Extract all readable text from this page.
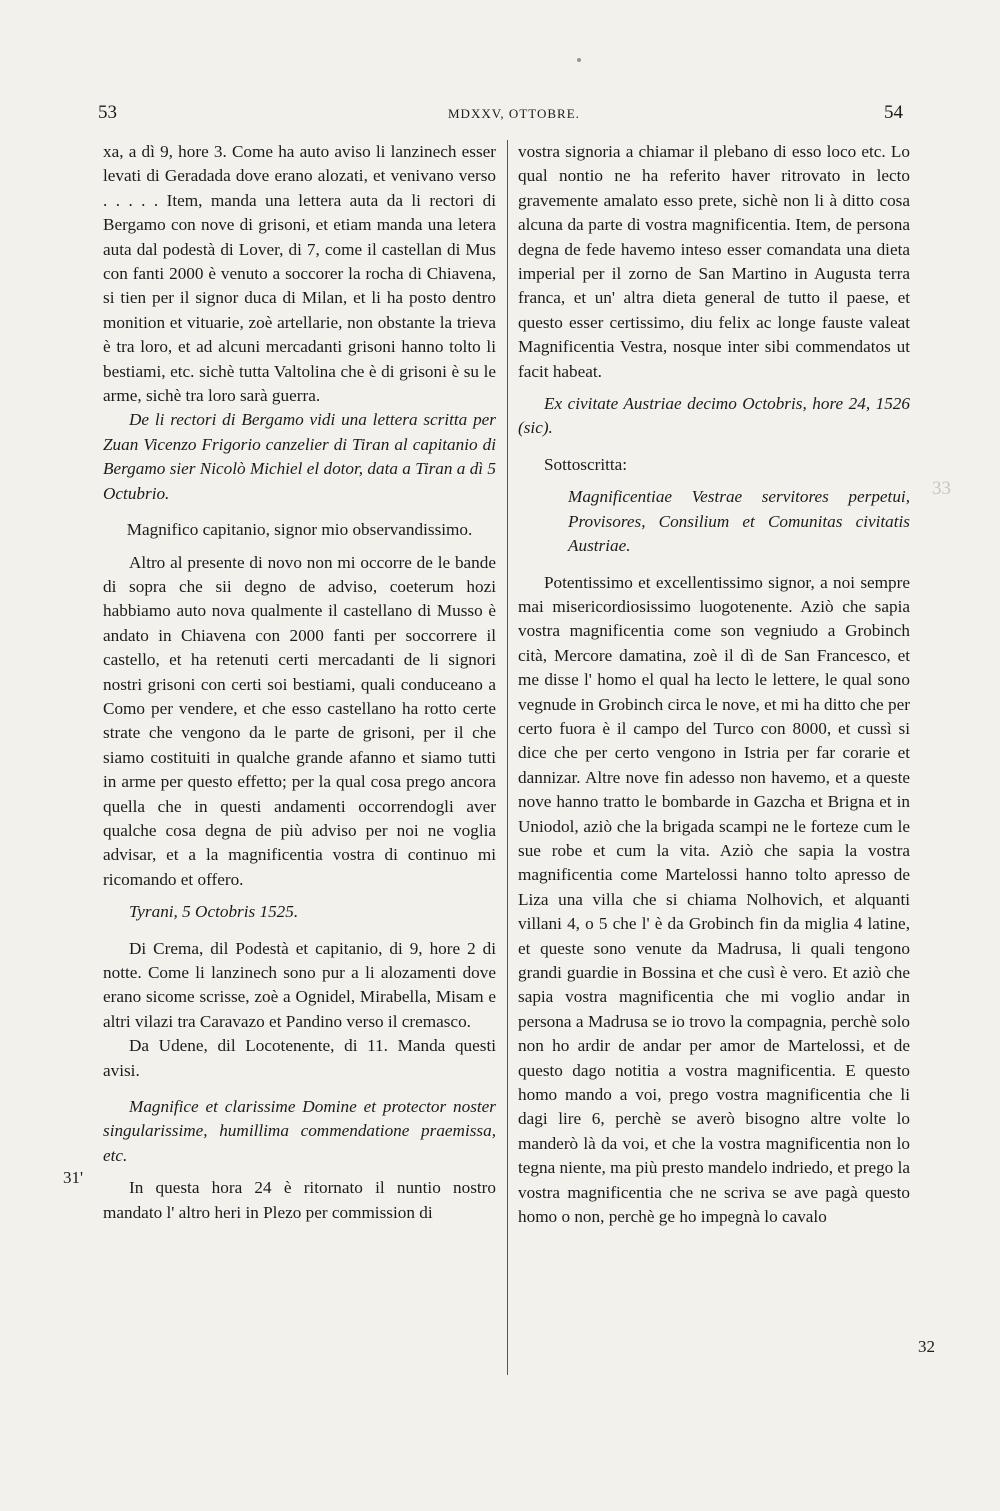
53	MDXXV, OTTOBRE.	54

xa, a dì 9, hore 3. Come ha auto aviso li lanzinech esser levati di Geradada dove erano alozati, et venivano verso . . . . . Item, manda una lettera auta da li rectori di Bergamo con nove di grisoni, et etiam manda una letera auta dal podestà di Lover, di 7, come il castellan di Mus con fanti 2000 è venuto a soccorer la rocha di Chiavena, si tien per il signor duca di Milan, et li ha posto dentro monition et vituarie, zoè artellarie, non obstante la trieva è tra loro, et ad alcuni mercadanti grisoni hanno tolto li bestiami, etc. sichè tutta Valtolina che è di grisoni è su le arme, sichè tra loro sarà guerra.

De li rectori di Bergamo vidi una lettera scritta per Zuan Vicenzo Frigorio canzelier di Tiran al capitanio di Bergamo sier Nicolò Michiel el dotor, data a Tiran a dì 5 Octubrio.

Magnifico capitanio, signor mio observandissimo.

Altro al presente di novo non mi occorre de le bande di sopra che sii degno de adviso, coeterum hozi habbiamo auto nova qualmente il castellano di Musso è andato in Chiavena con 2000 fanti per soccorrere il castello, et ha retenuti certi mercadanti de li signori nostri grisoni con certi soi bestiami, quali conduceano a Como per vendere, et che esso castellano ha rotto certe strate che vengono da le parte de grisoni, per il che siamo costituiti in qualche grande afanno et siamo tutti in arme per questo effetto; per la qual cosa prego ancora quella che in questi andamenti occorrendogli aver qualche cosa degna de più adviso per noi ne voglia advisar, et a la magnificentia vostra di continuo mi ricomando et offero.

Tyrani, 5 Octobris 1525.

Di Crema, dil Podestà et capitanio, di 9, hore 2 di notte. Come li lanzinech sono pur a li alozamenti dove erano sicome scrisse, zoè a Ognidel, Mirabella, Misam e altri vilazi tra Caravazo et Pandino verso il cremasco.

Da Udene, dil Locotenente, di 11. Manda questi avisi.

Magnifice et clarissime Domine et protector noster singularissime, humillima commendatione praemissa, etc.

In questa hora 24 è ritornato il nuntio nostro mandato l' altro heri in Plezo per commission di

vostra signoria a chiamar il plebano di esso loco etc. Lo qual nontio ne ha referito haver ritrovato in lecto gravemente amalato esso prete, sichè non li à ditto cosa alcuna da parte di vostra magnificentia. Item, de persona degna de fede havemo inteso esser comandata una dieta imperial per il zorno de San Martino in Augusta terra franca, et un' altra dieta general de tutto il paese, et questo esser certissimo, diu felix ac longe fauste valeat Magnificentia Vestra, nosque inter sibi commendatos ut facit habeat.

Ex civitate Austriae decimo Octobris, hore 24, 1526 (sic).

Sottoscritta:

Magnificentiae Vestrae servitores perpetui, Provisores, Consilium et Comunitas civitatis Austriae.

Potentissimo et excellentissimo signor, a noi sempre mai misericordiosissimo luogotenente. Aziò che sapia vostra magnificentia come son vegniudo a Grobinch cità, Mercore damatina, zoè il dì de San Francesco, et me disse l' homo el qual ha lecto le lettere, le qual sono vegnude in Grobinch circa le nove, et mi ha ditto che per certo fuora è il campo del Turco con 8000, et cussì si dice che per certo vengono in Istria per far corarie et dannizar. Altre nove fin adesso non havemo, et a queste nove hanno tratto le bombarde in Gazcha et Brigna et in Uniodol, aziò che la brigada scampi ne le forteze cum le sue robe et cum la vita. Aziò che sapia la vostra magnificentia come Martelossi hanno tolto apresso de Liza una villa che si chiama Nolhovich, et alquanti villani 4, o 5 che l' è da Grobinch fin da miglia 4 latine, et queste sono venute da Madrusa, li quali tengono grandi guardie in Bossina et che cusì è vero. Et aziò che sapia vostra magnificentia che mi voglio andar in persona a Madrusa se io trovo la compagnia, perchè solo non ho ardir de andar per amor de Martelossi, et de questo dago notitia a vostra magnificentia. E questo homo mando a voi, prego vostra magnificentia che li dagi lire 6, perchè se averò bisogno altre volte lo manderò là da voi, et che la vostra magnificentia non lo tegna niente, ma più presto mandelo indriedo, et prego la vostra magnificentia che ne scriva se ave pagà questo homo o non, perchè ge ho impegnà lo cavalo

31'
32
33
